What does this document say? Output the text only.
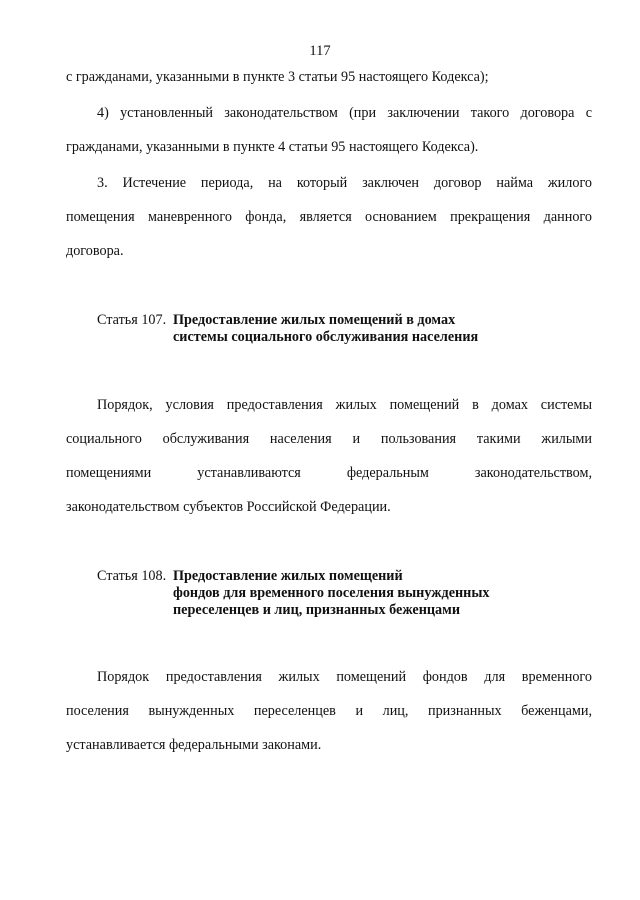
117
с гражданами, указанными в пункте 3 статьи 95 настоящего Кодекса);
4) установленный законодательством (при заключении такого договора с
гражданами, указанными в пункте 4 статьи 95 настоящего Кодекса).
3. Истечение периода, на который заключен договор найма жилого
помещения маневренного фонда, является основанием прекращения данного
договора.
Статья 107. Предоставление жилых помещений в домах
системы социального обслуживания населения
Порядок, условия предоставления жилых помещений в домах системы
социального обслуживания населения и пользования такими жилыми
помещениями устанавливаются федеральным законодательством,
законодательством субъектов Российской Федерации.
Статья 108. Предоставление жилых помещений
фондов для временного поселения вынужденных
переселенцев и лиц, признанных беженцами
Порядок предоставления жилых помещений фондов для временного
поселения вынужденных переселенцев и лиц, признанных беженцами,
устанавливается федеральными законами.
